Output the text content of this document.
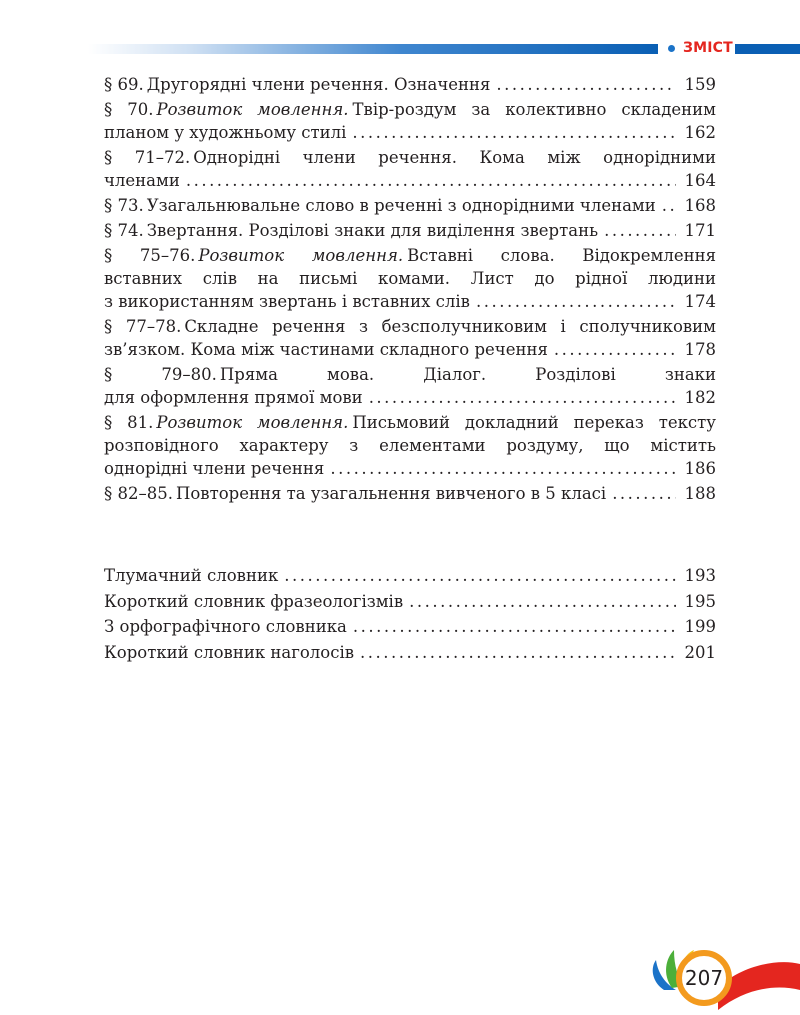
ЗМІСТ
§ 69. Другорядні члени речення. Означення .....	159
§ 70. Розвиток мовлення. Твір-роздум за колективно складеним
планом у художньому стилі .....	162
§ 71–72. Однорідні члени речення. Кома між однорідними
членами .....	164
§ 73. Узагальнювальне слово в реченні з однорідними членами ..... 168
§ 74. Звертання. Розділові знаки для виділення звертань .....	171
§ 75–76. Розвиток мовлення. Вставні слова. Відокремлення
вставних слів на письмі комами. Лист до рідної людини
з використанням звертань і вставних слів .....	174
§ 77–78. Складне речення з безсполучниковим і сполучниковим
зв’язком. Кома між частинами складного речення .....	178
§ 79–80. Пряма мова. Діалог. Розділові знаки
для оформлення прямої мови .....	182
§ 81. Розвиток мовлення. Письмовий докладний переказ тексту
розповідного характеру з елементами роздуму, що містить
однорідні члени речення .....	186
§ 82–85. Повторення та узагальнення вивченого в 5 класі .....	188
Тлумачний словник .....	193
Короткий словник фразеологізмів .....	195
З орфографічного словника .....	199
Короткий словник наголосів .....	201
207
